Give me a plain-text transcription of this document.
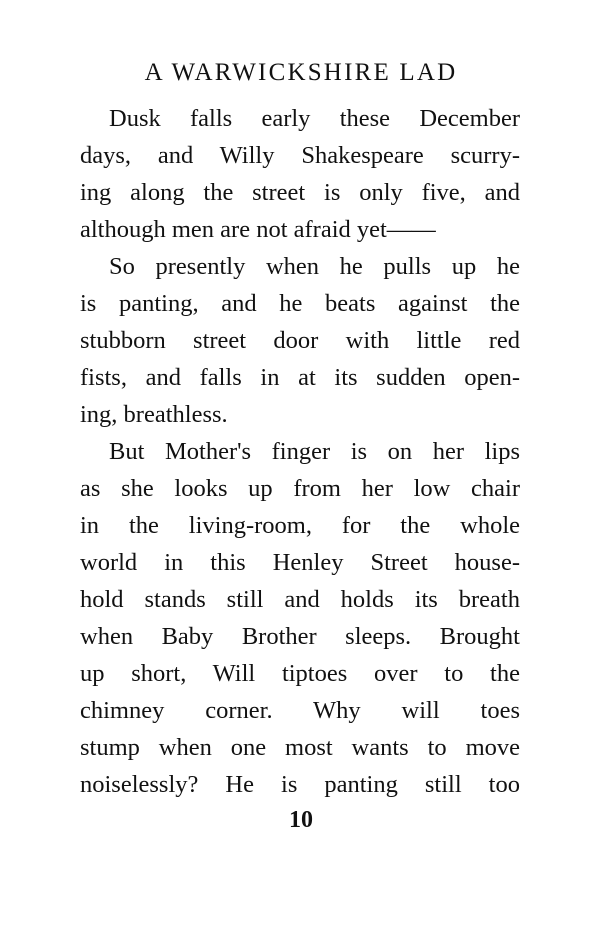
A WARWICKSHIRE LAD
Dusk falls early these December
days, and Willy Shakespeare scurry-
ing along the street is only five, and
although men are not afraid yet——
So presently when he pulls up he
is panting, and he beats against the
stubborn street door with little red
fists, and falls in at its sudden open-
ing, breathless.
But Mother's finger is on her lips
as she looks up from her low chair
in the living-room, for the whole
world in this Henley Street house-
hold stands still and holds its breath
when Baby Brother sleeps. Brought
up short, Will tiptoes over to the
chimney corner. Why will toes
stump when one most wants to move
noiselessly? He is panting still too
10
